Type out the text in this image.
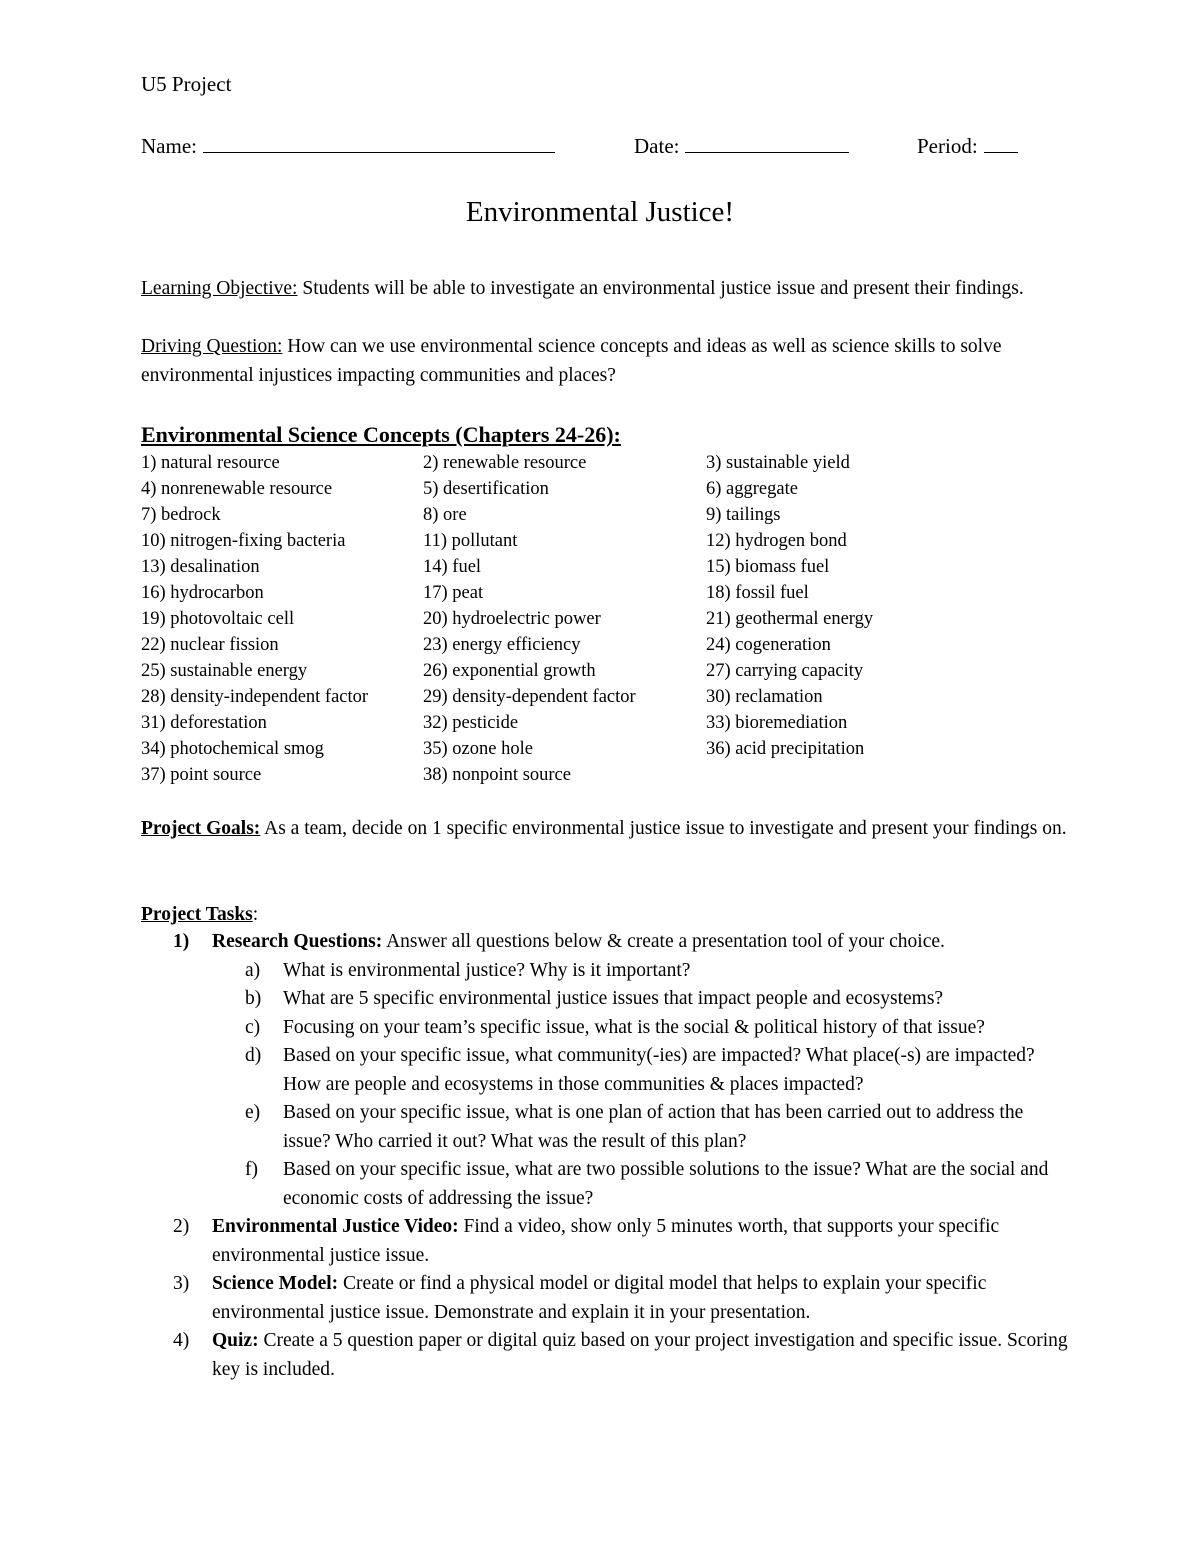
U5 Project
Name:	Date:	Period:
Environmental Justice!
Learning Objective: Students will be able to investigate an environmental justice issue and present their findings.
Driving Question: How can we use environmental science concepts and ideas as well as science skills to solve environmental injustices impacting communities and places?
Environmental Science Concepts (Chapters 24-26):
1) natural resource	2) renewable resource	3) sustainable yield
4) nonrenewable resource	5) desertification	6) aggregate
7) bedrock	8) ore	9) tailings
10) nitrogen-fixing bacteria	11) pollutant	12) hydrogen bond
13) desalination	14) fuel	15) biomass fuel
16) hydrocarbon	17) peat	18) fossil fuel
19) photovoltaic cell	20) hydroelectric power	21) geothermal energy
22) nuclear fission	23) energy efficiency	24) cogeneration
25) sustainable energy	26) exponential growth	27) carrying capacity
28) density-independent factor	29) density-dependent factor	30) reclamation
31) deforestation	32) pesticide	33) bioremediation
34) photochemical smog	35) ozone hole	36) acid precipitation
37) point source	38) nonpoint source
Project Goals: As a team, decide on 1 specific environmental justice issue to investigate and present your findings on.
Project Tasks:
1) Research Questions: Answer all questions below & create a presentation tool of your choice.
a) What is environmental justice? Why is it important?
b) What are 5 specific environmental justice issues that impact people and ecosystems?
c) Focusing on your team’s specific issue, what is the social & political history of that issue?
d) Based on your specific issue, what community(-ies) are impacted? What place(-s) are impacted? How are people and ecosystems in those communities & places impacted?
e) Based on your specific issue, what is one plan of action that has been carried out to address the issue? Who carried it out? What was the result of this plan?
f) Based on your specific issue, what are two possible solutions to the issue? What are the social and economic costs of addressing the issue?
2) Environmental Justice Video: Find a video, show only 5 minutes worth, that supports your specific environmental justice issue.
3) Science Model: Create or find a physical model or digital model that helps to explain your specific environmental justice issue. Demonstrate and explain it in your presentation.
4) Quiz: Create a 5 question paper or digital quiz based on your project investigation and specific issue. Scoring key is included.
